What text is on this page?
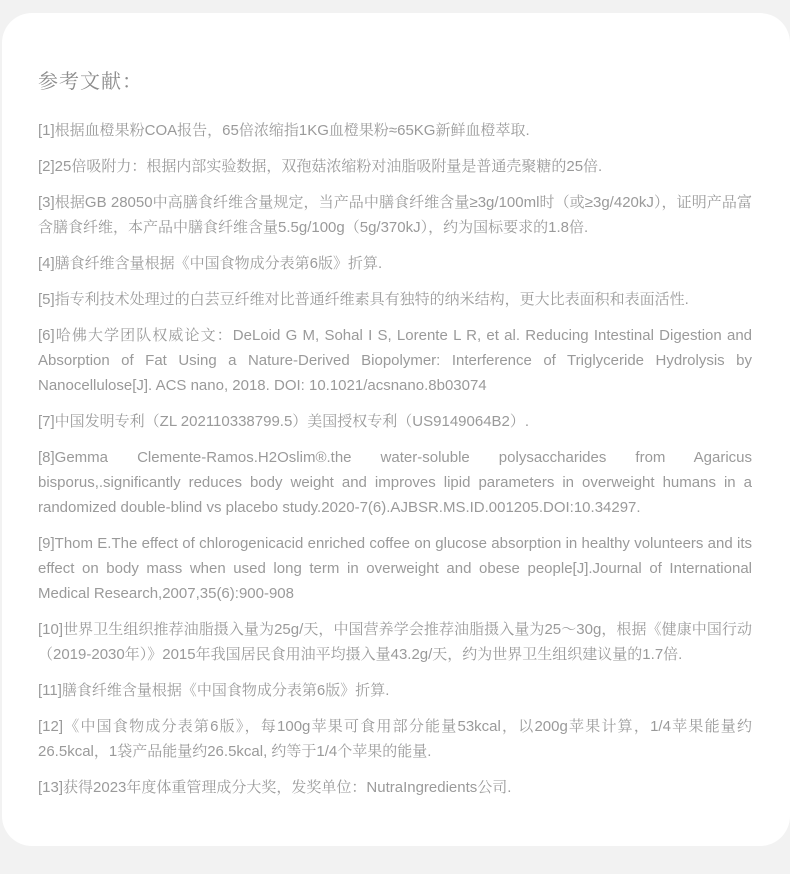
参考文献：

[1]根据血橙果粉COA报告，65倍浓缩指1KG血橙果粉≈65KG新鲜血橙萃取.

[2]25倍吸附力：根据内部实验数据，双孢菇浓缩粉对油脂吸附量是普通壳聚糖的25倍.

[3]根据GB 28050中高膳食纤维含量规定，当产品中膳食纤维含量≥3g/100ml时（或≥3g/420kJ），证明产品富含膳食纤维，本产品中膳食纤维含量5.5g/100g（5g/370kJ），约为国标要求的1.8倍.

[4]膳食纤维含量根据《中国食物成分表第6版》折算.

[5]指专利技术处理过的白芸豆纤维对比普通纤维素具有独特的纳米结构，更大比表面积和表面活性.

[6]哈佛大学团队权威论文：DeLoid G M, Sohal I S, Lorente L R, et al. Reducing Intestinal Digestion and Absorption of Fat Using a Nature-Derived Biopolymer: Interference of Triglyceride Hydrolysis by Nanocellulose[J]. ACS nano, 2018. DOI: 10.1021/acsnano.8b03074

[7]中国发明专利（ZL 202110338799.5）美国授权专利（US9149064B2）.

[8]Gemma Clemente-Ramos.H2Oslim®.the water-soluble polysaccharides from Agaricus bisporus,.significantly reduces body weight and improves lipid parameters in overweight humans in a randomized double-blind vs placebo study.2020-7(6).AJBSR.MS.ID.001205.DOI:10.34297.

[9]Thom E.The effect of chlorogenicacid enriched coffee on glucose absorption in healthy volunteers and its effect on body mass when used long term in overweight and obese people[J].Journal of International Medical Research,2007,35(6):900-908

[10]世界卫生组织推荐油脂摄入量为25g/天，中国营养学会推荐油脂摄入量为25～30g，根据《健康中国行动（2019-2030年）》2015年我国居民食用油平均摄入量43.2g/天，约为世界卫生组织建议量的1.7倍.

[11]膳食纤维含量根据《中国食物成分表第6版》折算.

[12]《中国食物成分表第6版》，每100g苹果可食用部分能量53kcal，以200g苹果计算，1/4苹果能量约26.5kcal，1袋产品能量约26.5kcal, 约等于1/4个苹果的能量.

[13]获得2023年度体重管理成分大奖，发奖单位：NutraIngredients公司.
